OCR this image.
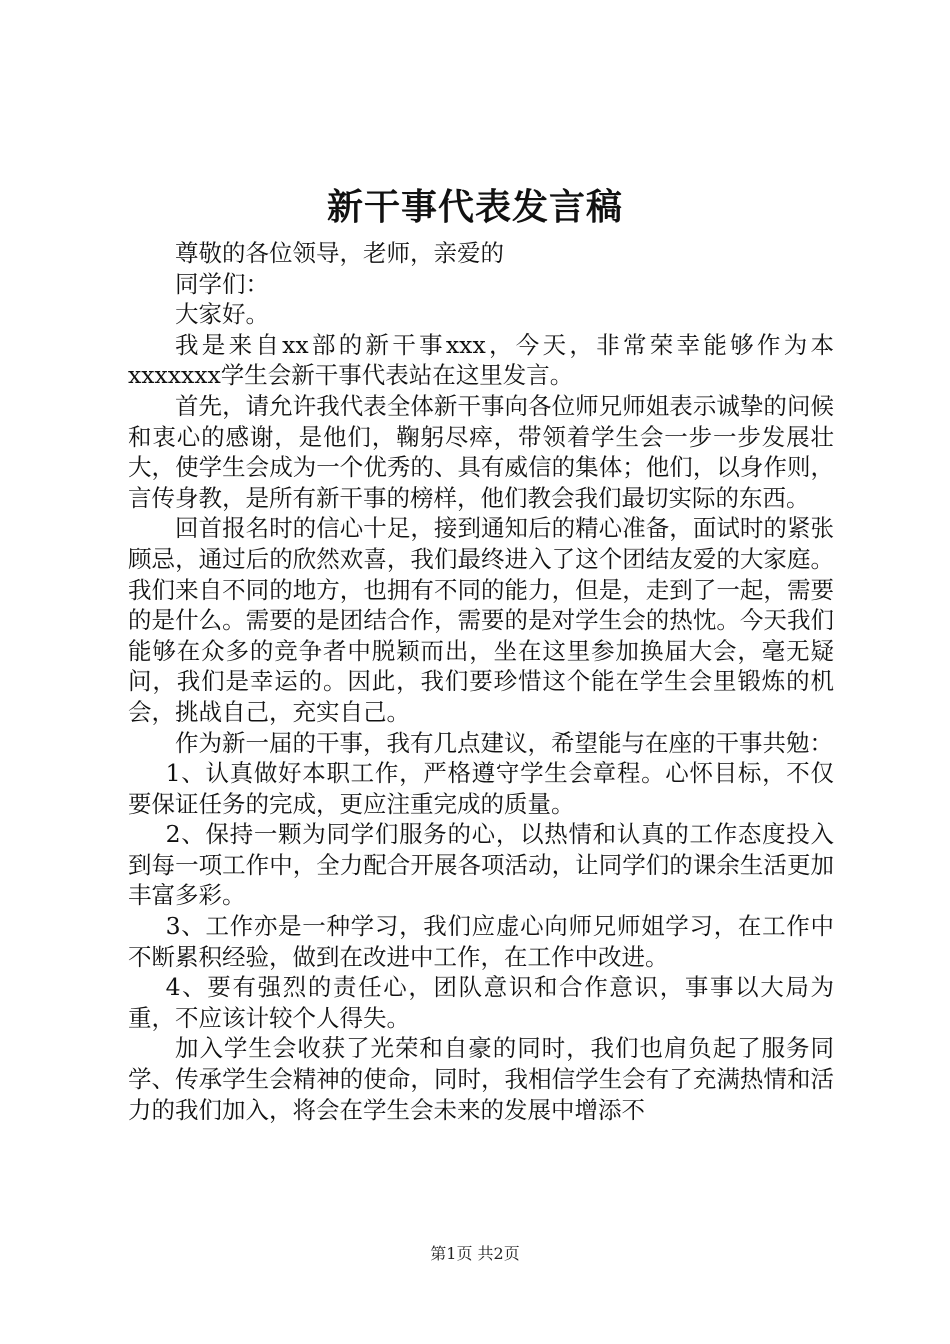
新干事代表发言稿

尊敬的各位领导，老师，亲爱的

同学们：

大家好。

我是来自xx部的新干事xxx，今天，非常荣幸能够作为本xxxxxxx学生会新干事代表站在这里发言。

首先，请允许我代表全体新干事向各位师兄师姐表示诚挚的问候和衷心的感谢，是他们，鞠躬尽瘁，带领着学生会一步一步发展壮大，使学生会成为一个优秀的、具有威信的集体；他们，以身作则，言传身教，是所有新干事的榜样，他们教会我们最切实际的东西。

回首报名时的信心十足，接到通知后的精心准备，面试时的紧张顾忌，通过后的欣然欢喜，我们最终进入了这个团结友爱的大家庭。我们来自不同的地方，也拥有不同的能力，但是，走到了一起，需要的是什么。需要的是团结合作，需要的是对学生会的热忱。今天我们能够在众多的竞争者中脱颖而出，坐在这里参加换届大会，毫无疑问，我们是幸运的。因此，我们要珍惜这个能在学生会里锻炼的机会，挑战自己，充实自己。

作为新一届的干事，我有几点建议，希望能与在座的干事共勉：

1、认真做好本职工作，严格遵守学生会章程。心怀目标，不仅要保证任务的完成，更应注重完成的质量。

2、保持一颗为同学们服务的心，以热情和认真的工作态度投入到每一项工作中，全力配合开展各项活动，让同学们的课余生活更加丰富多彩。

3、工作亦是一种学习，我们应虚心向师兄师姐学习，在工作中不断累积经验，做到在改进中工作，在工作中改进。

4、要有强烈的责任心，团队意识和合作意识，事事以大局为重，不应该计较个人得失。

加入学生会收获了光荣和自豪的同时，我们也肩负起了服务同学、传承学生会精神的使命，同时，我相信学生会有了充满热情和活力的我们加入，将会在学生会未来的发展中增添不

第1页 共2页
